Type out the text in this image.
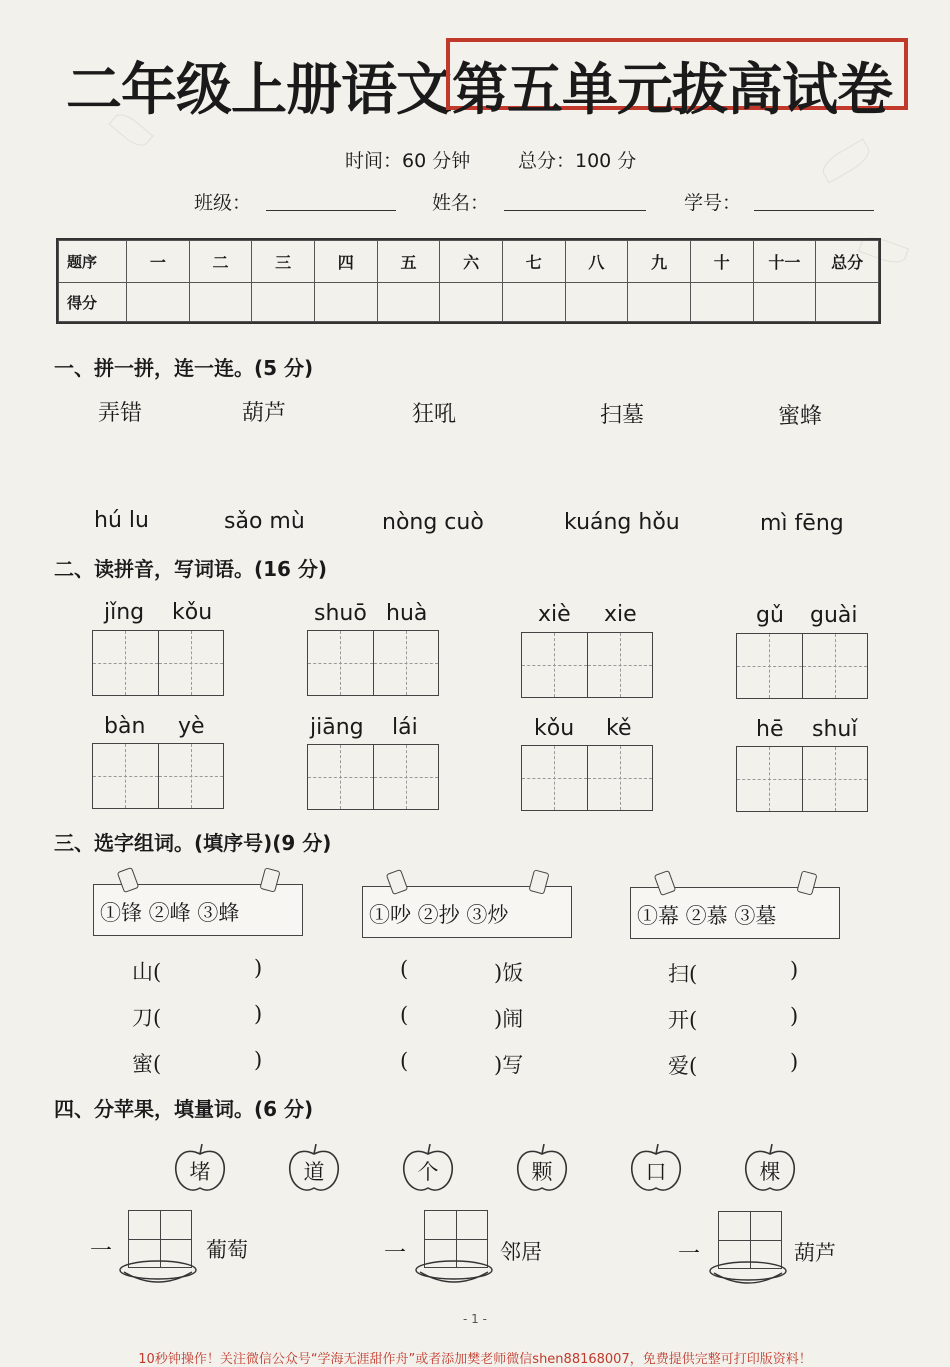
二年级上册语文 第五单元拔高试卷
时间：60 分钟	总分：100 分
班级：	姓名：	学号：
题序	一	二	三	四	五	六	七	八	九	十	十一	总分
得分												
一、拼一拼，连一连。(5 分)
弄错	葫芦	狂吼	扫墓	蜜蜂
hú lu	sǎo mù	nòng cuò	kuáng hǒu	mì fēng
二、读拼音，写词语。(16 分)
jǐng kǒu	shuō huà	xiè xie	gǔ guài
bàn yè	jiāng lái	kǒu kě	hē shuǐ
三、选字组词。(填序号)(9 分)
①锋 ②峰 ③蜂	①吵 ②抄 ③炒	①幕 ②慕 ③墓
山(	)
刀(	)
蜜(	)
(	)饭
(	)闹
(	)写
扫(	)
开(	)
爱(	)
四、分苹果，填量词。(6 分)
堵	道	个	颗	口	棵
一	葡萄	一	邻居	一	葫芦
- 1 -
10秒钟操作！关注微信公众号“学海无涯甜作舟”或者添加樊老师微信shen88168007，免费提供完整可打印版资料！
